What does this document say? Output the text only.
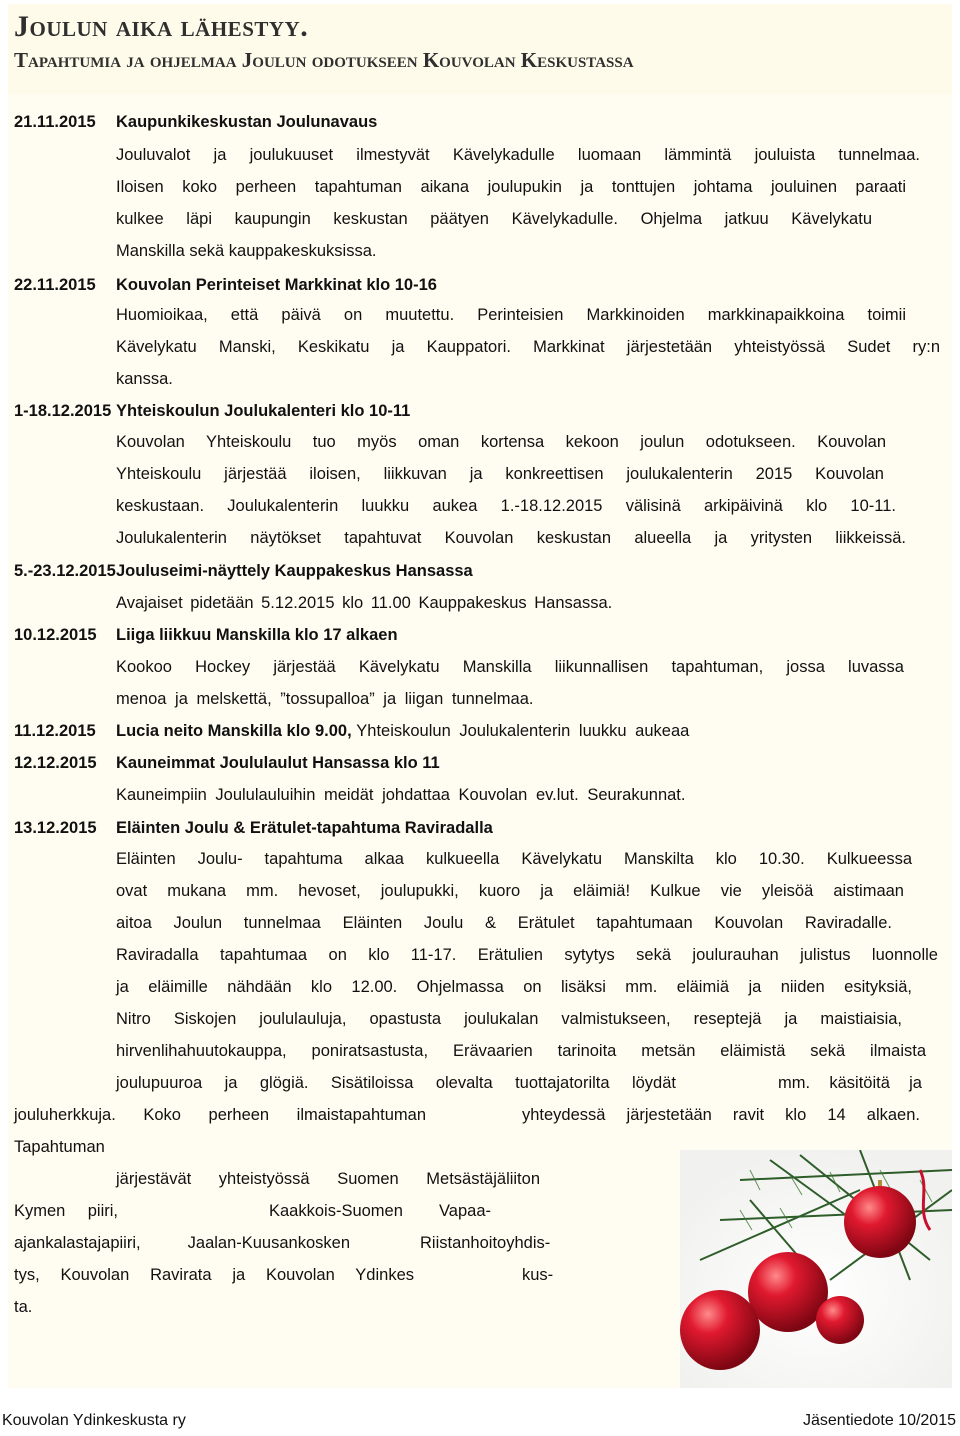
Joulun aika lähestyy.
Tapahtumia ja ohjelmaa Joulun odotukseen Kouvolan Keskustassa
21.11.2015 Kaupunkikeskustan Joulunavaus
Jouluvalot ja joulukuuset ilmestyvät Kävelykadulle luomaan lämmintä jouluista tunnelmaa.
Iloisen koko perheen tapahtuman aikana joulupukin ja tonttujen johtama jouluinen paraati
kulkee läpi kaupungin keskustan päätyen Kävelykadulle. Ohjelma jatkuu Kävelykatu
Manskilla sekä kauppakeskuksissa.
22.11.2015 Kouvolan Perinteiset Markkinat klo 10-16
Huomioikaa, että päivä on muutettu. Perinteisien Markkinoiden markkinapaikkoina toimii
Kävelykatu Manski, Keskikatu ja Kauppatori. Markkinat järjestetään yhteistyössä Sudet ry:n
kanssa.
1-18.12.2015 Yhteiskoulun Joulukalenteri klo 10-11
Kouvolan Yhteiskoulu tuo myös oman kortensa kekoon joulun odotukseen. Kouvolan
Yhteiskoulu järjestää iloisen, liikkuvan ja konkreettisen joulukalenterin 2015 Kouvolan
keskustaan. Joulukalenterin luukku aukea 1.-18.12.2015 välisinä arkipäivinä klo 10-11.
Joulukalenterin näytökset tapahtuvat Kouvolan keskustan alueella ja yritysten liikkeissä.
5.-23.12.2015Jouluseimi-näyttely Kauppakeskus Hansassa
Avajaiset pidetään 5.12.2015 klo 11.00 Kauppakeskus Hansassa.
10.12.2015 Liiga liikkuu Manskilla klo 17 alkaen
Kookoo Hockey järjestää Kävelykatu Manskilla liikunnallisen tapahtuman, jossa luvassa
menoa ja melskettä, ”tossupalloa” ja liigan tunnelmaa.
11.12.2015 Lucia neito Manskilla klo 9.00, Yhteiskoulun Joulukalenterin luukku aukeaa
12.12.2015 Kauneimmat Joululaulut Hansassa klo 11
Kauneimpiin Joululauluihin meidät johdattaa Kouvolan ev.lut. Seurakunnat.
13.12.2015 Eläinten Joulu & Erätulet-tapahtuma Raviradalla
Eläinten Joulu- tapahtuma alkaa kulkueella Kävelykatu Manskilta klo 10.30. Kulkueessa
ovat mukana mm. hevoset, joulupukki, kuoro ja eläimiä! Kulkue vie yleisöä aistimaan
aitoa Joulun tunnelmaa Eläinten Joulu & Erätulet tapahtumaan Kouvolan Raviradalle.
Raviradalla tapahtumaa on klo 11-17. Erätulien sytytys sekä joulurauhan julistus luonnolle
ja eläimille nähdään klo 12.00. Ohjelmassa on lisäksi mm. eläimiä ja niiden esityksiä,
Nitro Siskojen joululauluja, opastusta joulukalan valmistukseen, reseptejä ja maistiaisia,
hirvenlihahuutokauppa, poniratsastusta, Erävaarien tarinoita metsän eläimistä sekä ilmaista
joulupuuroa ja glögiä. Sisätiloissa olevalta tuottajatorilta löydät	mm. käsitöitä ja
jouluherkkuja. Koko perheen ilmaistapahtuman	yhteydessä järjestetään ravit klo 14 alkaen.
Tapahtuman
järjestävät yhteistyössä Suomen Metsästäjäliiton
Kymen piiri,	Kaakkois-Suomen Vapaa-
ajankalastajapiiri, Jaalan-Kuusankosken	Riistanhoitoyhdis-
tys, Kouvolan Ravirata ja Kouvolan Ydinkes	kus-
ta.
Kouvolan Ydinkeskusta ry	Jäsentiedote 10/2015
